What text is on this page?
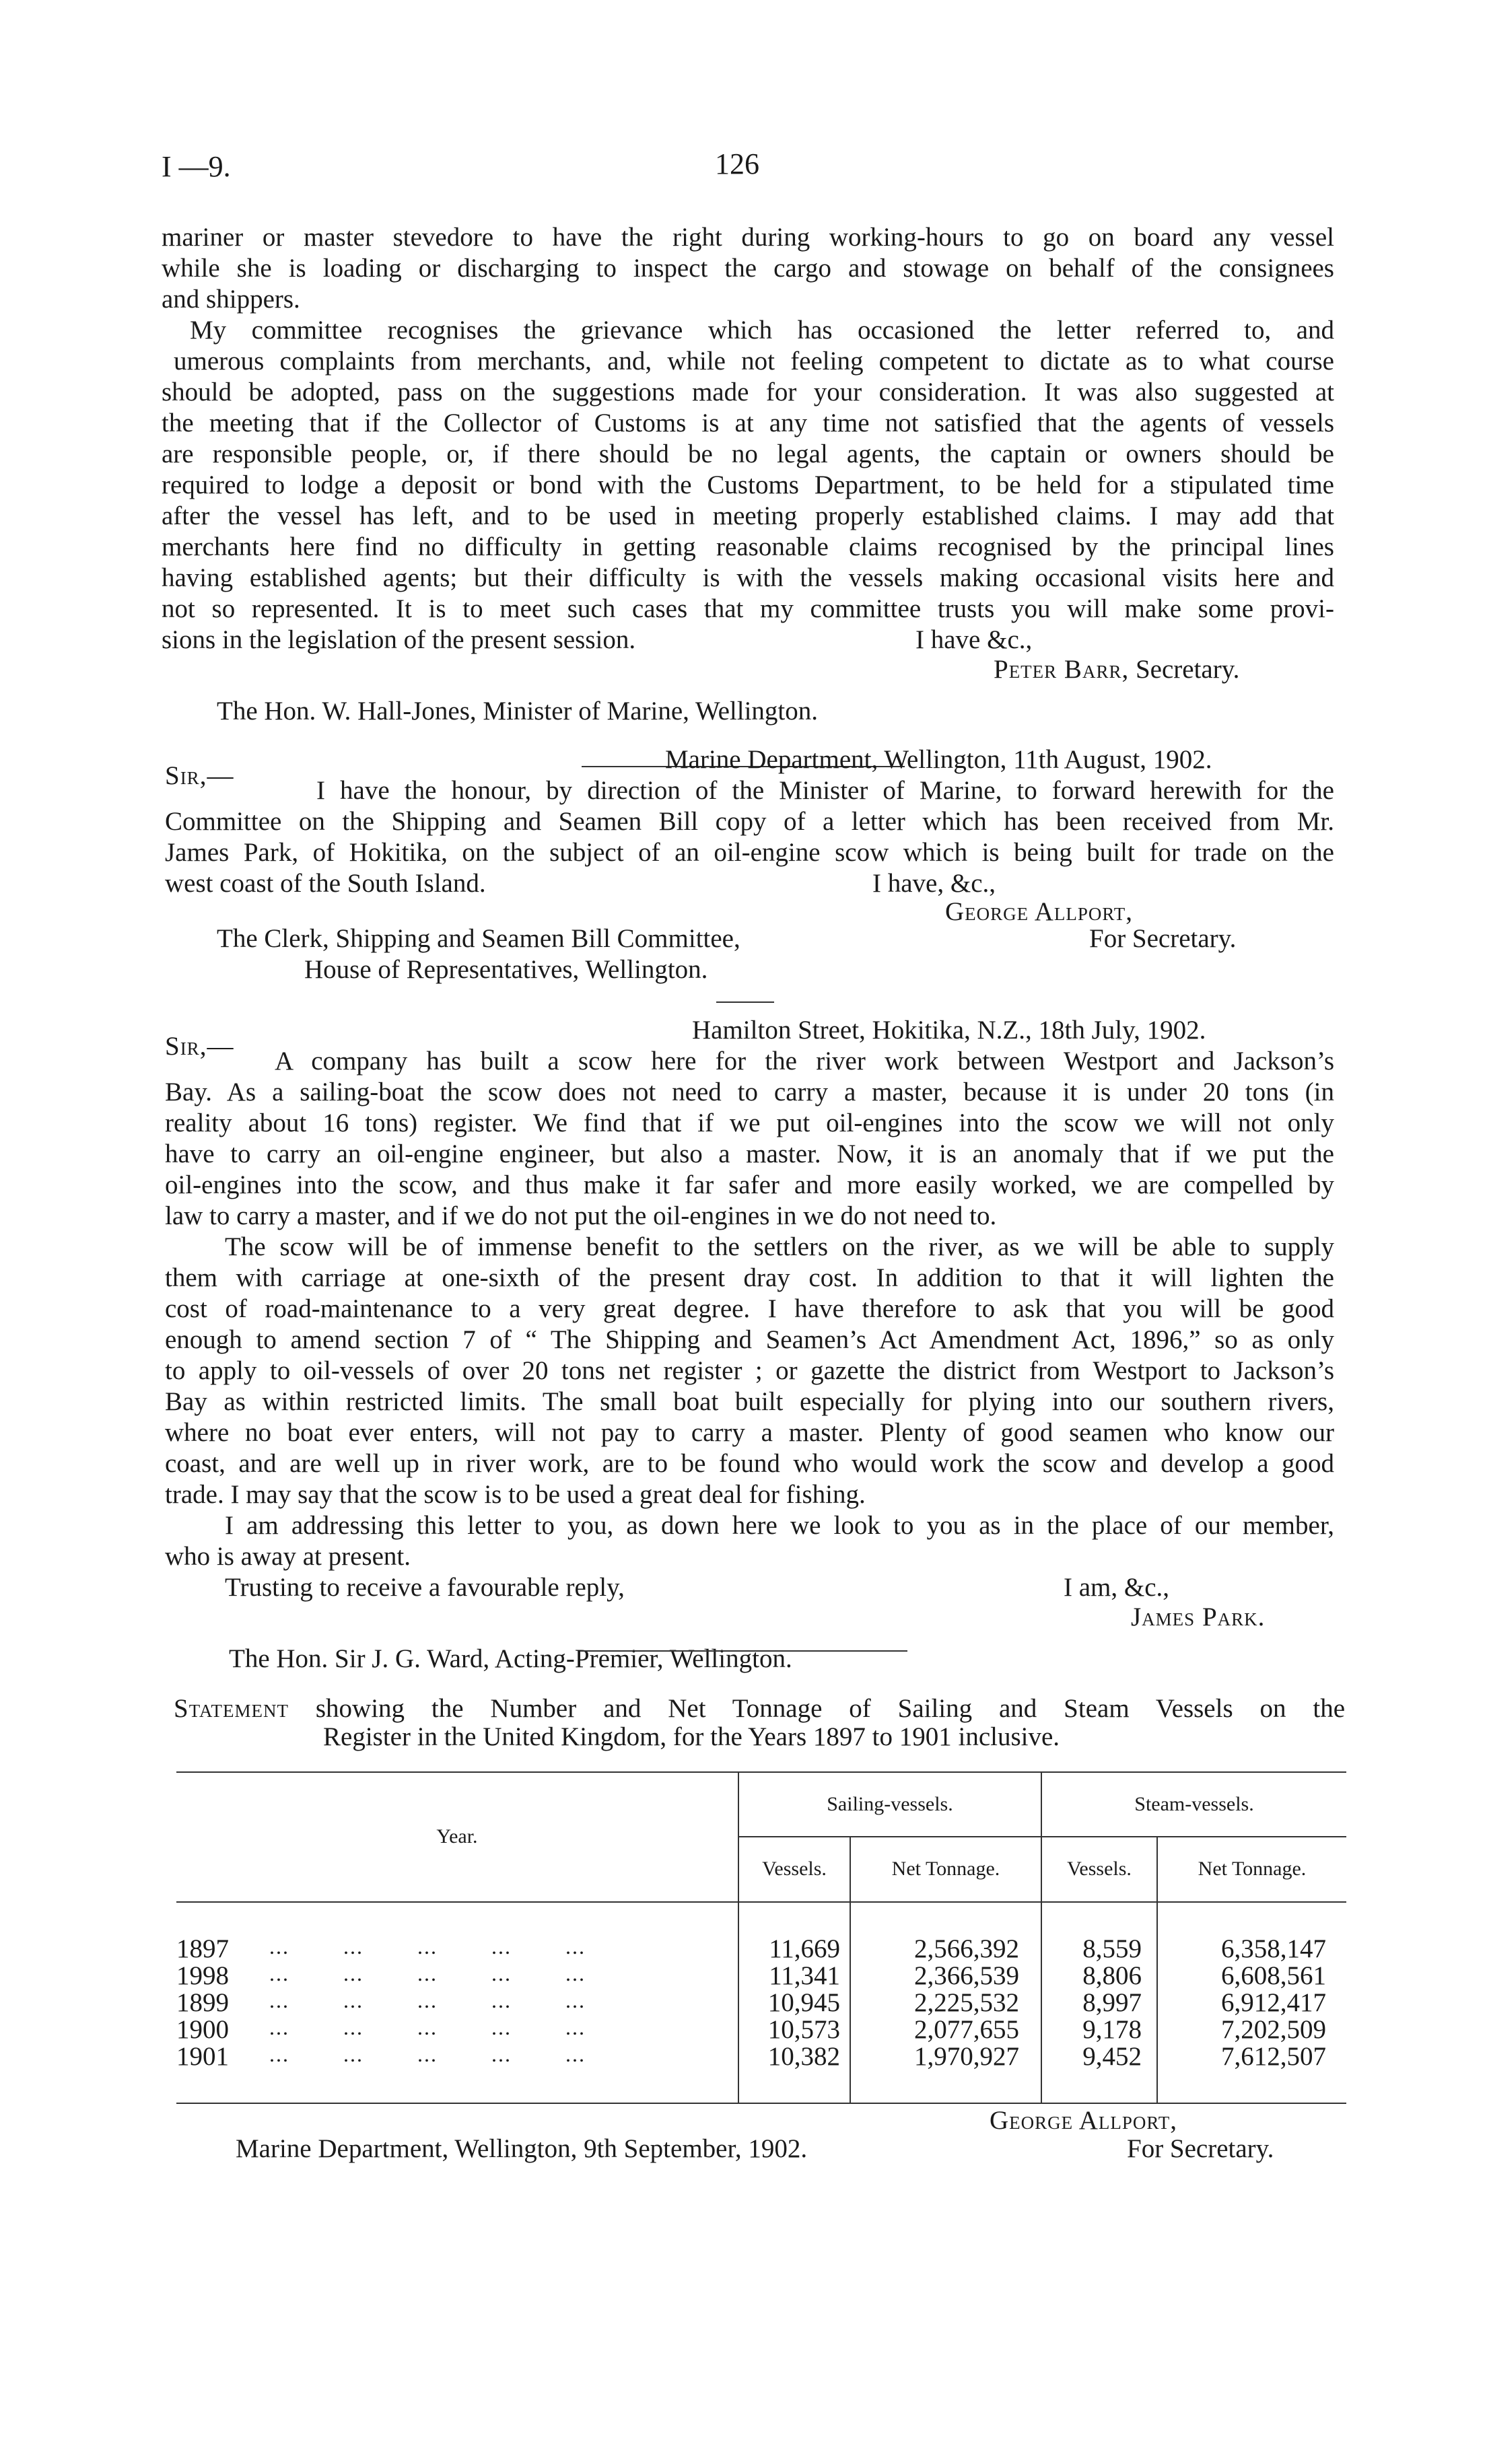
I —9.	126
mariner or master stevedore to have the right during working-hours to go on board any vessel
while she is loading or discharging to inspect the cargo and stowage on behalf of the consignees
and shippers.
My committee recognises the grievance which has occasioned the letter referred to, and
umerous complaints from merchants, and, while not feeling competent to dictate as to what course
should be adopted, pass on the suggestions made for your consideration. It was also suggested at
the meeting that if the Collector of Customs is at any time not satisfied that the agents of vessels
are responsible people, or, if there should be no legal agents, the captain or owners should be
required to lodge a deposit or bond with the Customs Department, to be held for a stipulated time
after the vessel has left, and to be used in meeting properly established claims. I may add that
merchants here find no difficulty in getting reasonable claims recognised by the principal lines
having established agents; but their difficulty is with the vessels making occasional visits here and
not so represented. It is to meet such cases that my committee trusts you will make some provi-
sions in the legislation of the present session.	I have &c.,
Peter Barr, Secretary.
The Hon. W. Hall-Jones, Minister of Marine, Wellington.
Sir,—
Marine Department, Wellington, 11th August, 1902.
I have the honour, by direction of the Minister of Marine, to forward herewith for the
Committee on the Shipping and Seamen Bill copy of a letter which has been received from Mr.
James Park, of Hokitika, on the subject of an oil-engine scow which is being built for trade on the
west coast of the South Island.	I have, &c.,
George Allport,
The Clerk, Shipping and Seamen Bill Committee,	For Secretary.
House of Representatives, Wellington.
Sir,—
Hamilton Street, Hokitika, N.Z., 18th July, 1902.
A company has built a scow here for the river work between Westport and Jackson’s
Bay. As a sailing-boat the scow does not need to carry a master, because it is under 20 tons (in
reality about 16 tons) register. We find that if we put oil-engines into the scow we will not only
have to carry an oil-engine engineer, but also a master. Now, it is an anomaly that if we put the
oil-engines into the scow, and thus make it far safer and more easily worked, we are compelled by
law to carry a master, and if we do not put the oil-engines in we do not need to.
The scow will be of immense benefit to the settlers on the river, as we will be able to supply
them with carriage at one-sixth of the present dray cost. In addition to that it will lighten the
cost of road-maintenance to a very great degree. I have therefore to ask that you will be good
enough to amend section 7 of “ The Shipping and Seamen’s Act Amendment Act, 1896,” so as only
to apply to oil-vessels of over 20 tons net register ; or gazette the district from Westport to Jackson’s
Bay as within restricted limits. The small boat built especially for plying into our southern rivers,
where no boat ever enters, will not pay to carry a master. Plenty of good seamen who know our
coast, and are well up in river work, are to be found who would work the scow and develop a good
trade. I may say that the scow is to be used a great deal for fishing.
I am addressing this letter to you, as down here we look to you as in the place of our member,
who is away at present.
Trusting to receive a favourable reply,	I am, &c.,
James Park.
The Hon. Sir J. G. Ward, Acting-Premier, Wellington.
Statement showing the Number and Net Tonnage of Sailing and Steam Vessels on the
Register in the United Kingdom, for the Years 1897 to 1901 inclusive.
Year.
Sailing-vessels.	Steam-vessels.
Vessels.	Net Tonnage.	Vessels.	Net Tonnage.
1897 ...        ...        ...        ...        ...	11,669	2,566,392	8,559	6,358,147
1998 ...        ...        ...        ...        ...	11,341	2,366,539	8,806	6,608,561
1899 ...        ...        ...        ...        ...	10,945	2,225,532	8,997	6,912,417
1900 ...        ...        ...        ...        ...	10,573	2,077,655	9,178	7,202,509
1901 ...        ...        ...        ...        ...	10,382	1,970,927	9,452	7,612,507
George Allport,
Marine Department, Wellington, 9th September, 1902.	For Secretary.
